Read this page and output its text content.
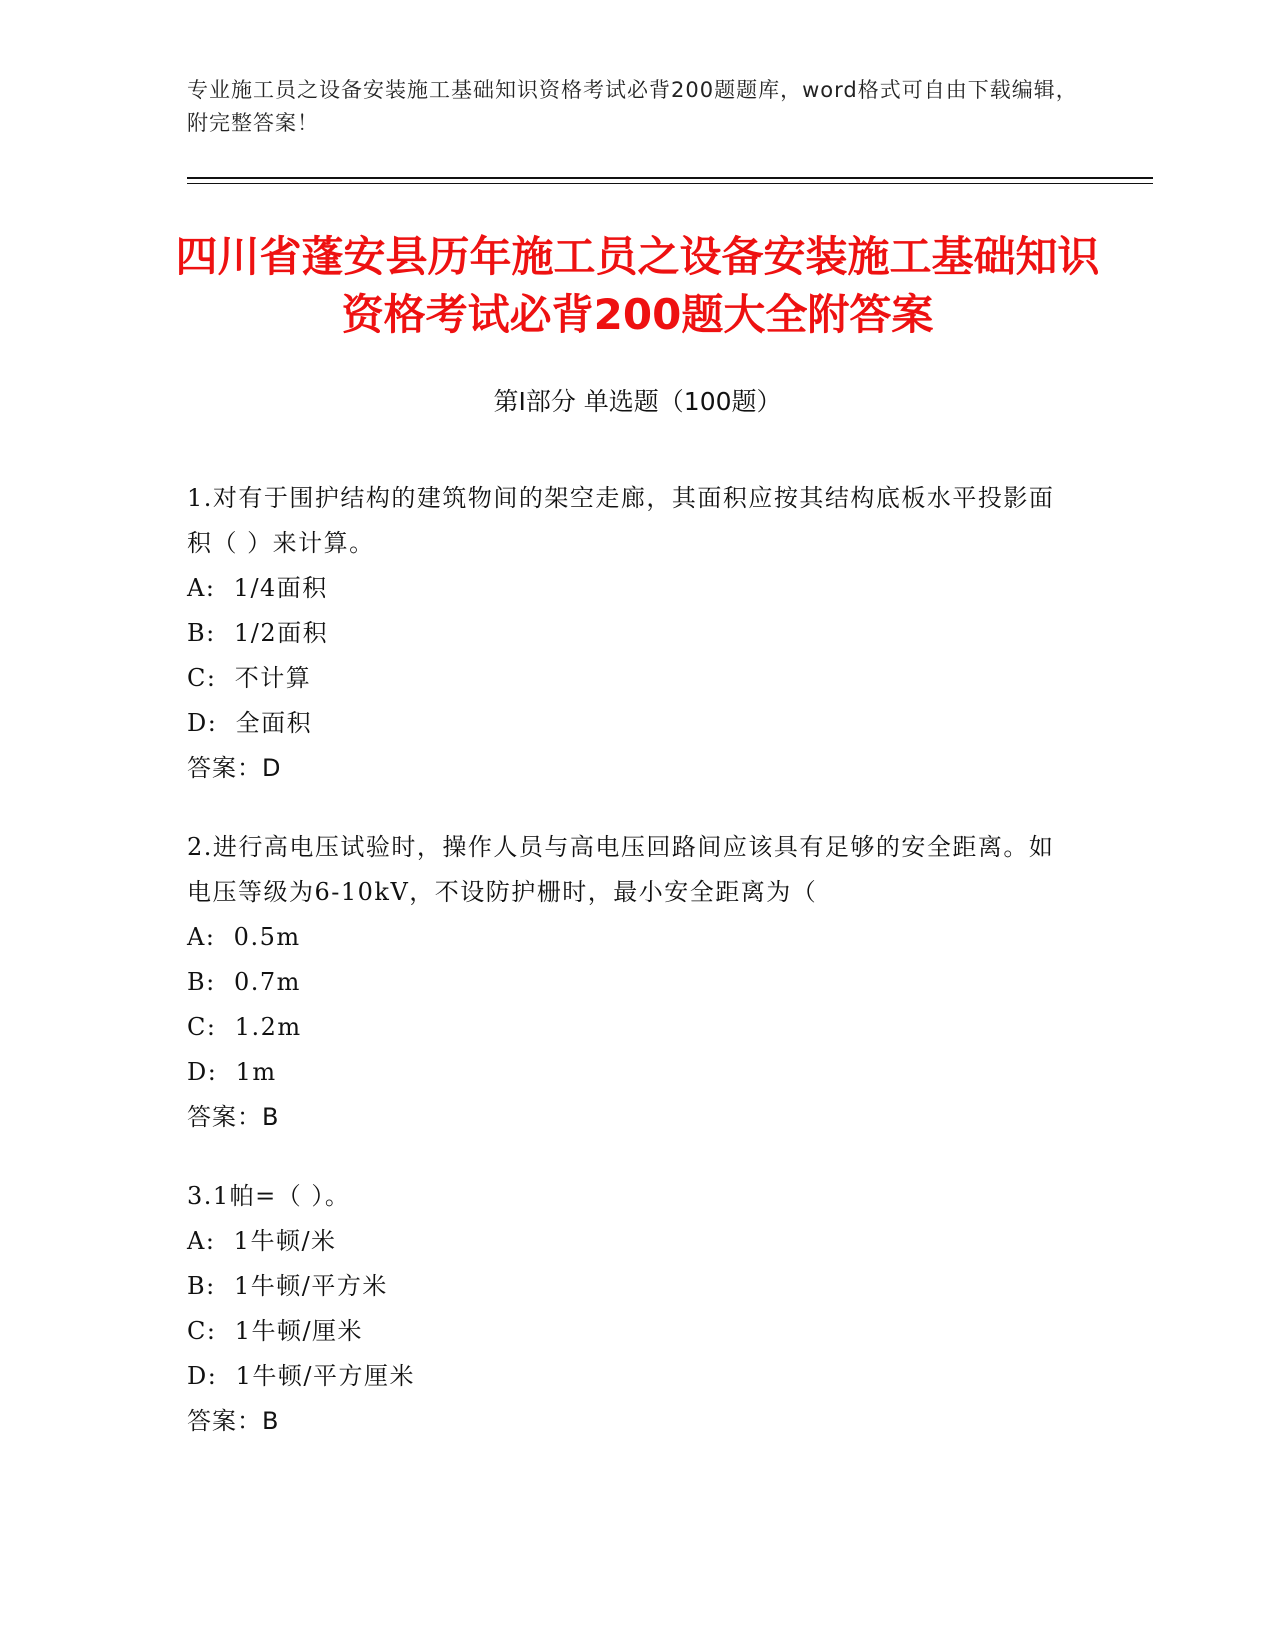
专业施工员之设备安装施工基础知识资格考试必背200题题库，word格式可自由下载编辑，附完整答案！
四川省蓬安县历年施工员之设备安装施工基础知识资格考试必背200题大全附答案
第Ⅰ部分 单选题（100题）
1.对有于围护结构的建筑物间的架空走廊，其面积应按其结构底板水平投影面积（ ）来计算。
A:  1/4面积
B:  1/2面积
C:  不计算
D:  全面积
答案：D
2.进行高电压试验时，操作人员与高电压回路间应该具有足够的安全距离。如电压等级为6-10kV，不设防护栅时，最小安全距离为（
A:  0.5m
B:  0.7m
C:  1.2m
D:  1m
答案：B
3.1帕=（ ）。
A:  1牛顿/米
B:  1牛顿/平方米
C:  1牛顿/厘米
D:  1牛顿/平方厘米
答案：B
